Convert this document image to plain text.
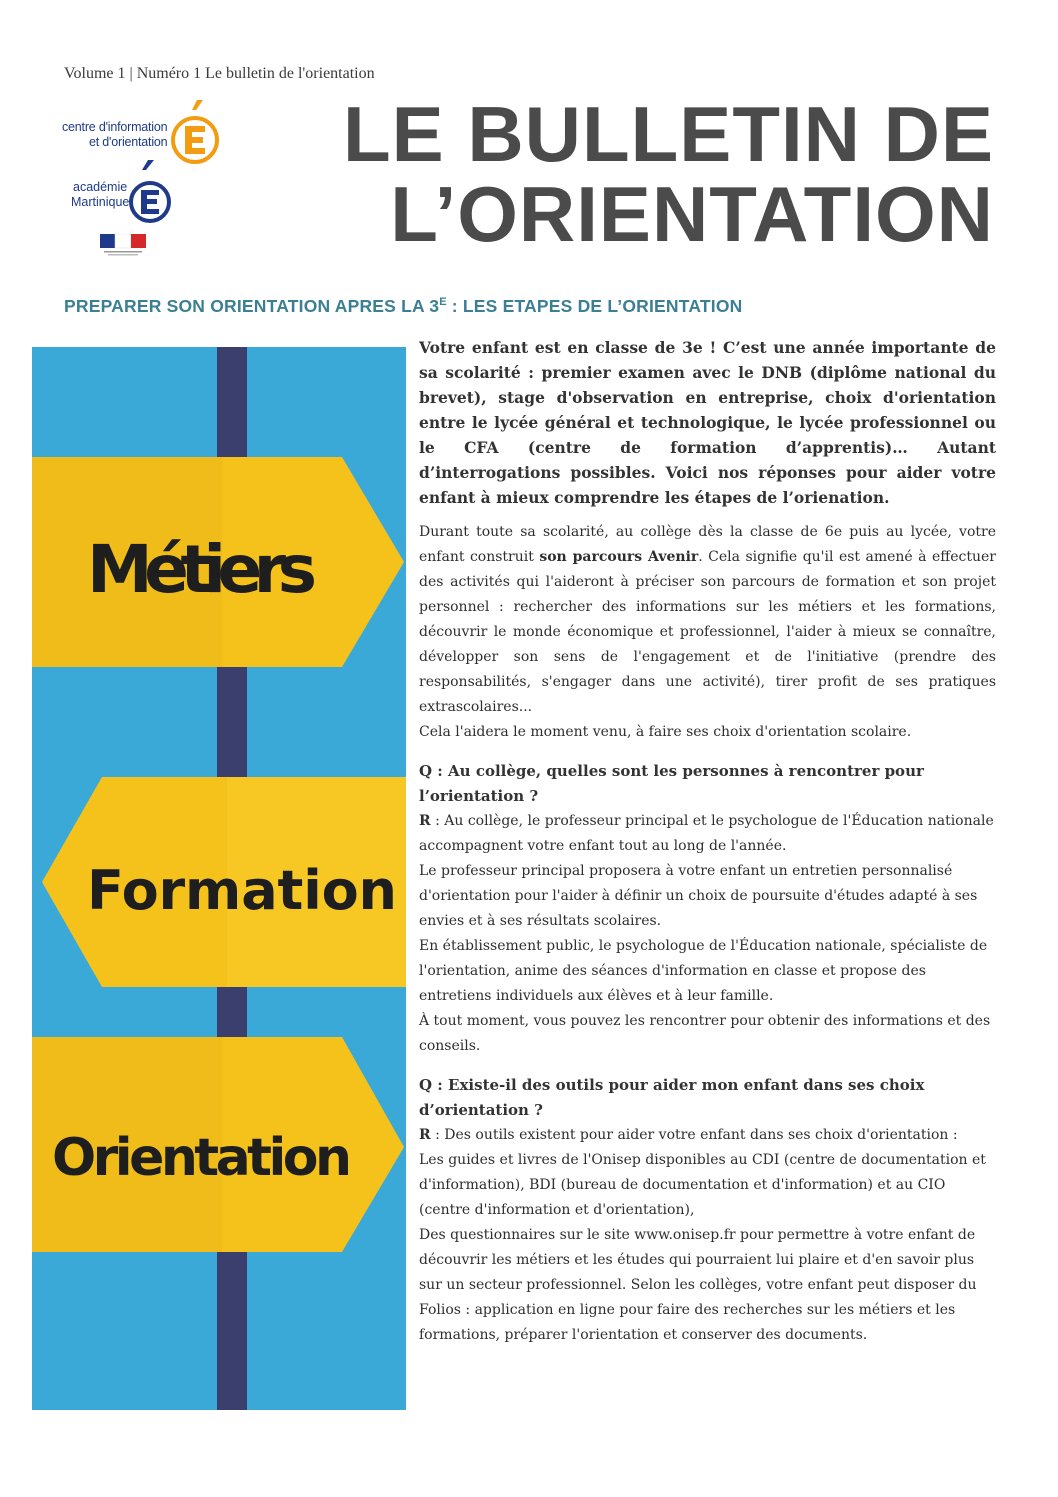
Volume 1 | Numéro 1 Le bulletin de l'orientation
centre d'information
et d'orientation
académie
Martinique
LE BULLETIN DE
L’ORIENTATION
PREPARER SON ORIENTATION APRES LA $3^E$ : LES ETAPES DE L’ORIENTATION
Métiers
Formation
Orientation

Votre enfant est en classe de 3e ! C’est une année importante de sa scolarité : premier examen avec le DNB (diplôme national du brevet), stage d'observation en entreprise, choix d'orientation entre le lycée général et technologique, le lycée professionnel ou le CFA (centre de formation d’apprentis)… Autant d’interrogations possibles. Voici nos réponses pour aider votre enfant à mieux comprendre les étapes de l’orienation.

Durant toute sa scolarité, au collège dès la classe de 6e puis au lycée, votre enfant construit son parcours Avenir. Cela signifie qu'il est amené à effectuer des activités qui l'aideront à préciser son parcours de formation et son projet personnel : rechercher des informations sur les métiers et les formations, découvrir le monde économique et professionnel, l'aider à mieux se connaître, développer son sens de l'engagement et de l'initiative (prendre des responsabilités, s'engager dans une activité), tirer profit de ses pratiques extrascolaires...

Cela l'aidera le moment venu, à faire ses choix d'orientation scolaire.

Q : Au collège, quelles sont les personnes à rencontrer pour l’orientation ?

R : Au collège, le professeur principal et le psychologue de l'Éducation nationale accompagnent votre enfant tout au long de l'année.

Le professeur principal proposera à votre enfant un entretien personnalisé d'orientation pour l'aider à définir un choix de poursuite d'études adapté à ses envies et à ses résultats scolaires.

En établissement public, le psychologue de l'Éducation nationale, spécialiste de l'orientation, anime des séances d'information en classe et propose des entretiens individuels aux élèves et à leur famille.

À tout moment, vous pouvez les rencontrer pour obtenir des informations et des conseils.

Q : Existe-il des outils pour aider mon enfant dans ses choix d’orientation ?

R : Des outils existent pour aider votre enfant dans ses choix d'orientation :

Les guides et livres de l'Onisep disponibles au CDI (centre de documentation et d'information), BDI (bureau de documentation et d'information) et au CIO (centre d'information et d'orientation),

Des questionnaires sur le site www.onisep.fr pour permettre à votre enfant de découvrir les métiers et les études qui pourraient lui plaire et d'en savoir plus sur un secteur professionnel. Selon les collèges, votre enfant peut disposer du Folios : application en ligne pour faire des recherches sur les métiers et les formations, préparer l'orientation et conserver des documents.
